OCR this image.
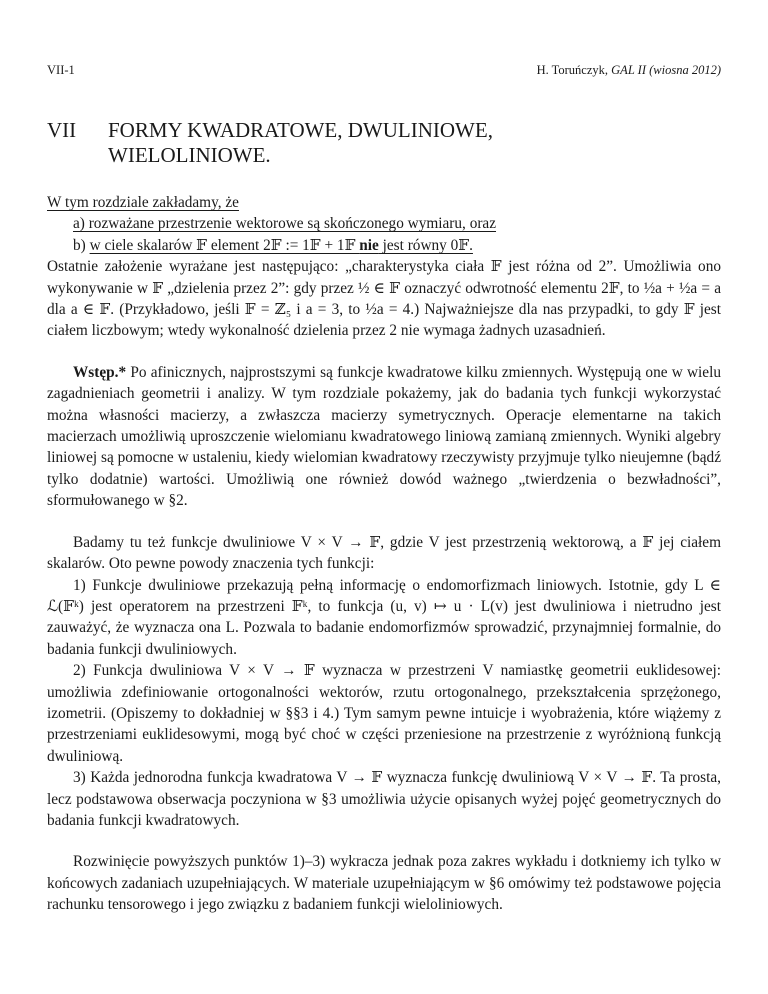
VII-1	H. Toruńczyk, GAL II (wiosna 2012)
VII	FORMY KWADRATOWE, DWULINIOWE,
WIELOLINIOWE.
W tym rozdziale zakładamy, że
a) rozważane przestrzenie wektorowe są skończonego wymiaru, oraz
b) w ciele skalarów 𝔽 element 2𝔽 := 1𝔽 + 1𝔽 nie jest równy 0𝔽.

Ostatnie założenie wyrażane jest następująco: „charakterystyka ciała 𝔽 jest różna od 2”. Umożliwia ono wykonywanie w 𝔽 „dzielenia przez 2”: gdy przez ½ ∈ 𝔽 oznaczyć odwrotność elementu 2𝔽, to ½a + ½a = a dla a ∈ 𝔽. (Przykładowo, jeśli 𝔽 = ℤ₅ i a = 3, to ½a = 4.) Najważniejsze dla nas przypadki, to gdy 𝔽 jest ciałem liczbowym; wtedy wykonalność dzielenia przez 2 nie wymaga żadnych uzasadnień.

Wstęp.* Po afinicznych, najprostszymi są funkcje kwadratowe kilku zmiennych. Występują one w wielu zagadnieniach geometrii i analizy. W tym rozdziale pokażemy, jak do badania tych funkcji wykorzystać można własności macierzy, a zwłaszcza macierzy symetrycznych. Operacje elementarne na takich macierzach umożliwią uproszczenie wielomianu kwadratowego liniową zamianą zmiennych. Wyniki algebry liniowej są pomocne w ustaleniu, kiedy wielomian kwadratowy rzeczywisty przyjmuje tylko nieujemne (bądź tylko dodatnie) wartości. Umożliwią one również dowód ważnego „twierdzenia o bezwładności”, sformułowanego w §2.

Badamy tu też funkcje dwuliniowe V × V → 𝔽, gdzie V jest przestrzenią wektorową, a 𝔽 jej ciałem skalarów. Oto pewne powody znaczenia tych funkcji:

1) Funkcje dwuliniowe przekazują pełną informację o endomorfizmach liniowych. Istotnie, gdy L ∈ ℒ(𝔽ᵏ) jest operatorem na przestrzeni 𝔽ᵏ, to funkcja (u, v) ↦ u · L(v) jest dwuliniowa i nietrudno jest zauważyć, że wyznacza ona L. Pozwala to badanie endomorfizmów sprowadzić, przynajmniej formalnie, do badania funkcji dwuliniowych.

2) Funkcja dwuliniowa V × V → 𝔽 wyznacza w przestrzeni V namiastkę geometrii euklidesowej: umożliwia zdefiniowanie ortogonalności wektorów, rzutu ortogonalnego, przekształcenia sprzężonego, izometrii. (Opiszemy to dokładniej w §§3 i 4.) Tym samym pewne intuicje i wyobrażenia, które wiążemy z przestrzeniami euklidesowymi, mogą być choć w części przeniesione na przestrzenie z wyróżnioną funkcją dwuliniową.

3) Każda jednorodna funkcja kwadratowa V → 𝔽 wyznacza funkcję dwuliniową V × V → 𝔽. Ta prosta, lecz podstawowa obserwacja poczyniona w §3 umożliwia użycie opisanych wyżej pojęć geometrycznych do badania funkcji kwadratowych.

Rozwinięcie powyższych punktów 1)–3) wykracza jednak poza zakres wykładu i dotkniemy ich tylko w końcowych zadaniach uzupełniających. W materiale uzupełniającym w §6 omówimy też podstawowe pojęcia rachunku tensorowego i jego związku z badaniem funkcji wieloliniowych.
